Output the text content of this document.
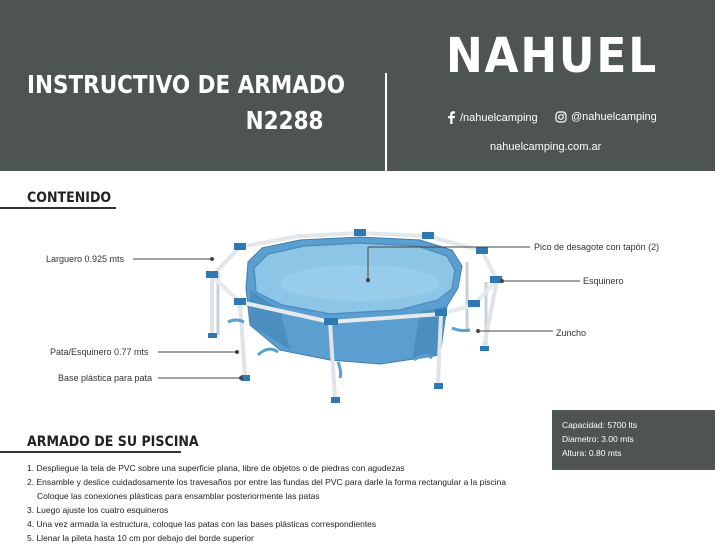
INSTRUCTIVO DE ARMADO
N2288
NAHUEL
/nahuelcamping	@nahuelcamping
nahuelcamping.com.ar
CONTENIDO
Larguero 0.925 mts
Pata/Esquinero 0.77 mts
Base plástica para pata
Pico de desagote con tapón (2)
Esquinero
Zuncho
Capacidad: 5700 lts
Diametro: 3.00 mts
Altura: 0.80 mts
ARMADO DE SU PISCINA
1. Despliegue la tela de PVC sobre una superficie plana, libre de objetos o de piedras con agudezas
2. Ensamble y deslice cuidadosamente los travesaños por entre las fundas del PVC para darle la forma rectangular a la piscina
Coloque las conexiones plásticas para ensamblar posteriormente las patas
3. Luego ajuste los cuatro esquineros
4. Una vez armada la estructura, coloque las patas con las bases plásticas correspondientes
5. Llenar la pileta hasta 10 cm por debajo del borde superior
